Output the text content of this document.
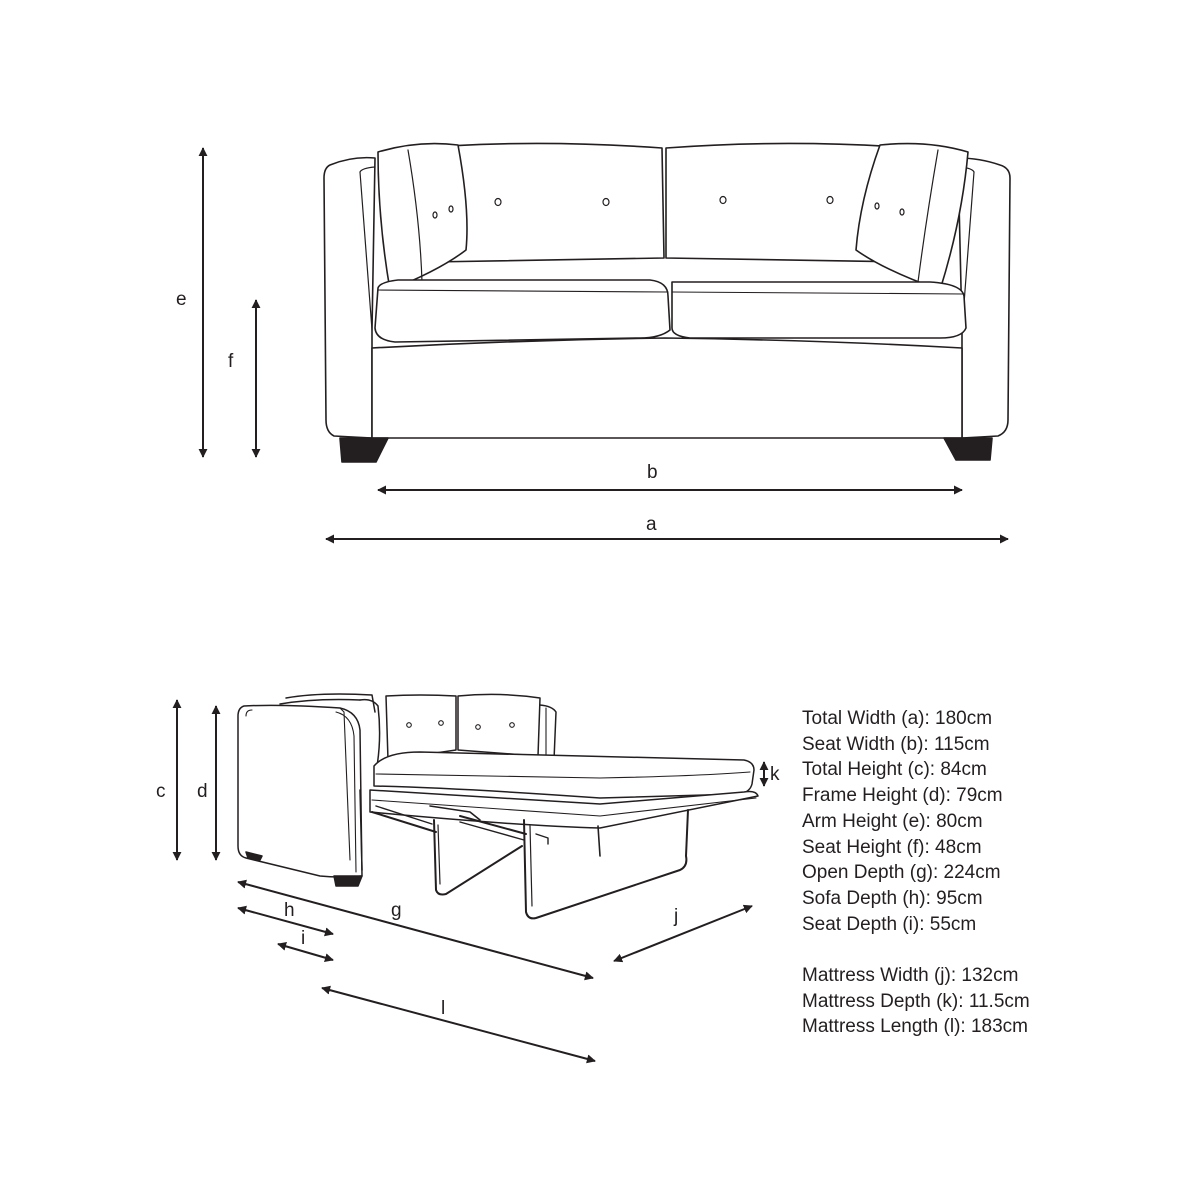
e
f
b
a
c d
k
h	g
i
j
l
Total Width (a): 180cm
Seat Width (b): 115cm
Total Height (c): 84cm
Frame Height (d): 79cm
Arm Height (e): 80cm
Seat Height (f): 48cm
Open Depth (g): 224cm
Sofa Depth (h): 95cm
Seat Depth (i): 55cm
Mattress Width (j): 132cm
Mattress Depth (k): 11.5cm
Mattress Length (l): 183cm
